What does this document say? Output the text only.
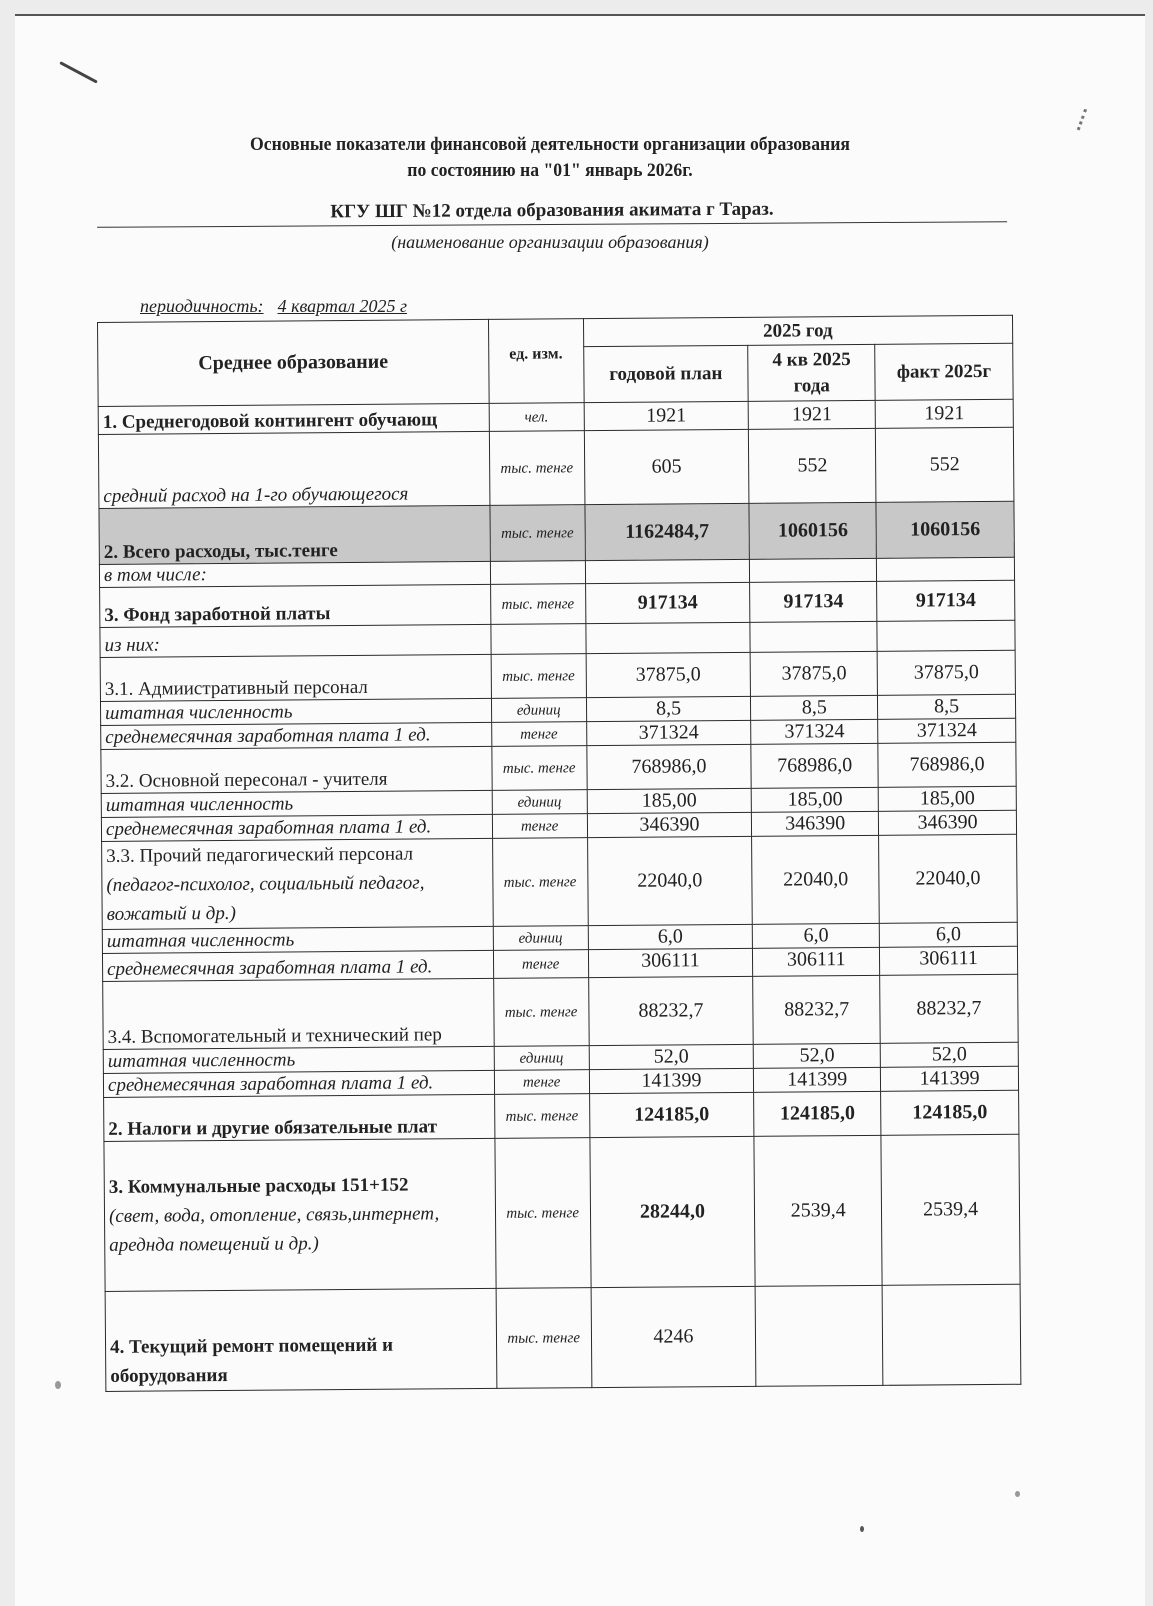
Основные показатели финансовой деятельности организации образования
по состоянию на "01" январь 2026г.
КГУ ШГ №12 отдела образования акимата г Тараз.
(наименование организации образования)
периодичность: 4 квартал 2025 г
Среднее образование	ед. изм.	2025 год		
		годовой план	4 кв 2025 года	факт 2025г

1. Среднегодовой контингент обучающ	чел.	1921	1921	1921

средний расход на 1-го обучающегося	тыс. тенге	605	552	552

2. Всего расходы, тыс.тенге	тыс. тенге	1162484,7	1060156	1060156

в том числе:				

3. Фонд заработной платы	тыс. тенге	917134	917134	917134

из них:				

3.1. Адмиистративный персонал	тыс. тенге	37875,0	37875,0	37875,0

штатная численность	единиц	8,5	8,5	8,5

среднемесячная заработная плата 1 ед.	тенге	371324	371324	371324

3.2. Основной пересонал - учителя	тыс. тенге	768986,0	768986,0	768986,0

штатная численность	единиц	185,00	185,00	185,00

среднемесячная заработная плата 1 ед.	тенге	346390	346390	346390

3.3. Прочий педагогический персонал
(педагог-психолог, социальный педагог, вожатый и др.)	тыс. тенге	22040,0	22040,0	22040,0

штатная численность	единиц	6,0	6,0	6,0

среднемесячная заработная плата 1 ед.	тенге	306111	306111	306111

3.4. Вспомогательный и технический пер	тыс. тенге	88232,7	88232,7	88232,7

штатная численность	единиц	52,0	52,0	52,0

среднемесячная заработная плата 1 ед.	тенге	141399	141399	141399

2. Налоги и другие обязательные плат	тыс. тенге	124185,0	124185,0	124185,0

3. Коммунальные расходы 151+152
(свет, вода, отопление, связь,интернет, ареднда помещений и др.)	тыс. тенге	28244,0	2539,4	2539,4

4. Текущий ремонт помещений и оборудования	тыс. тенге	4246		
